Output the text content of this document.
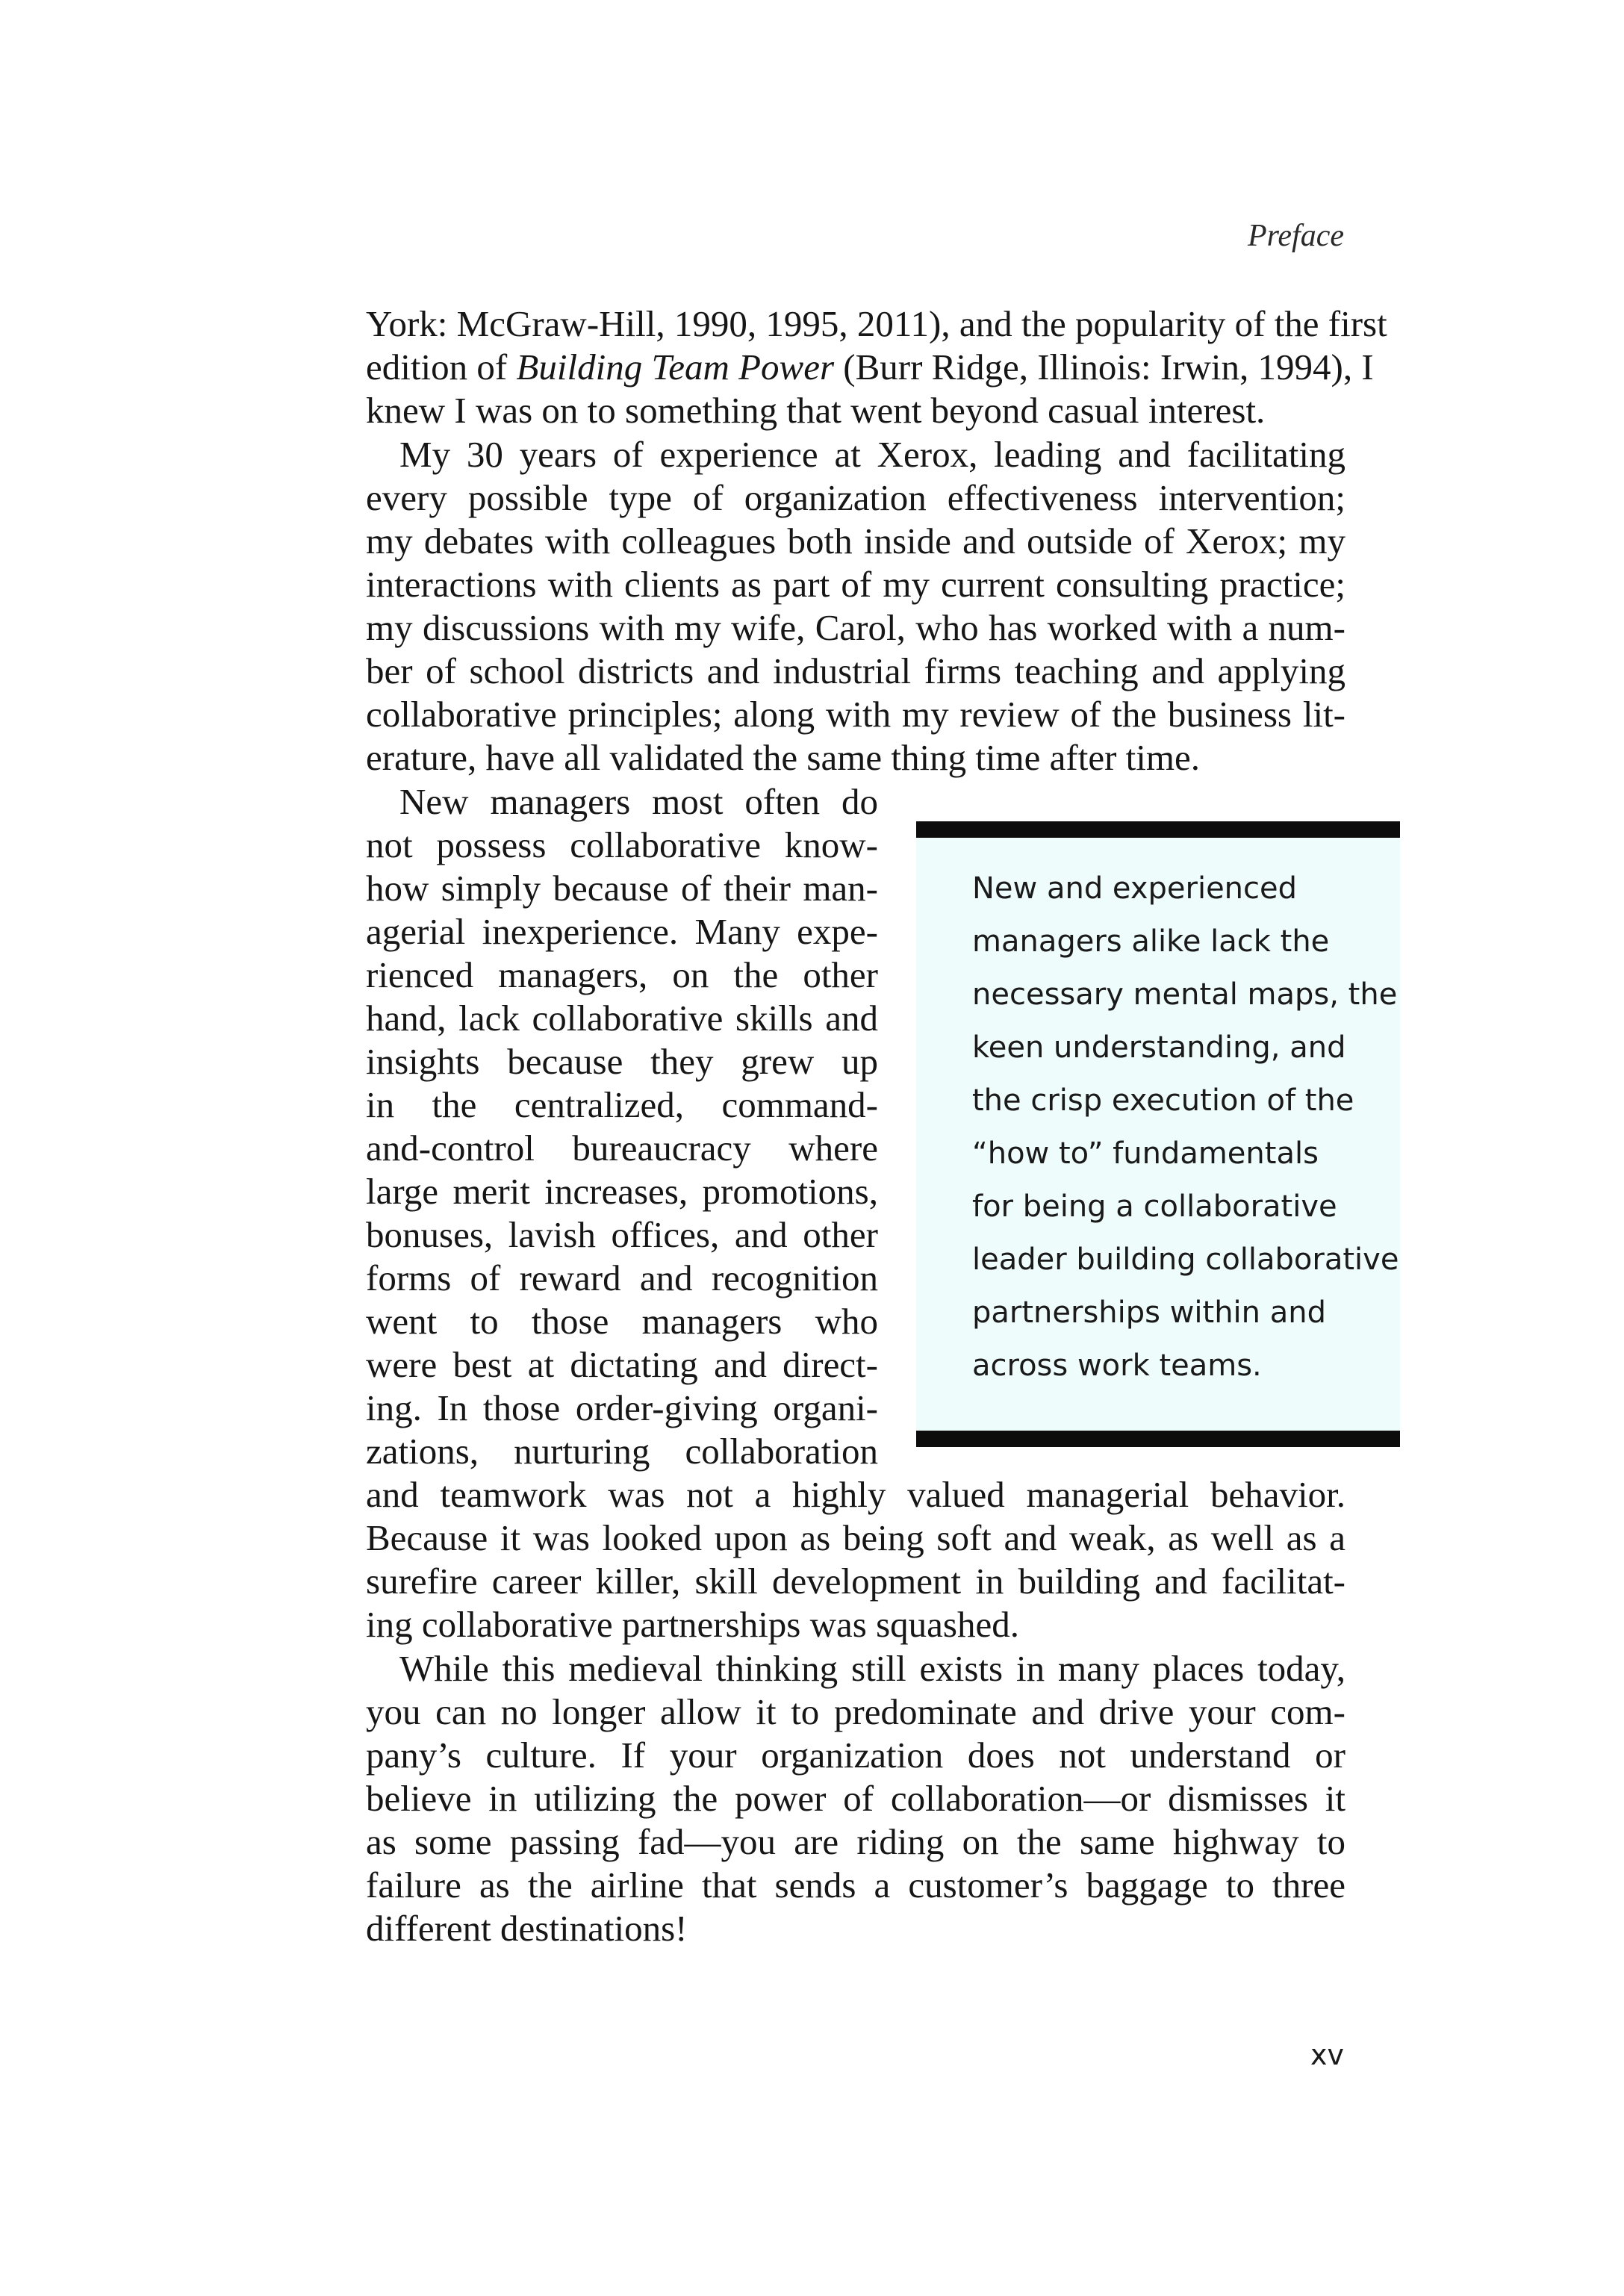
Preface
York: McGraw-Hill, 1990, 1995, 2011), and the popularity of the first
edition of Building Team Power (Burr Ridge, Illinois: Irwin, 1994), I
knew I was on to something that went beyond casual interest.
My 30 years of experience at Xerox, leading and facilitating
every possible type of organization effectiveness intervention;
my debates with colleagues both inside and outside of Xerox; my
interactions with clients as part of my current consulting practice;
my discussions with my wife, Carol, who has worked with a num-
ber of school districts and industrial firms teaching and applying
collaborative principles; along with my review of the business lit-
erature, have all validated the same thing time after time.
New managers most often do
not possess collaborative know-
how simply because of their man-
agerial inexperience. Many expe-
rienced managers, on the other
hand, lack collaborative skills and
insights because they grew up
in the centralized, command-
and-control bureaucracy where
large merit increases, promotions,
bonuses, lavish offices, and other
forms of reward and recognition
went to those managers who
were best at dictating and direct-
ing. In those order-giving organi-
zations, nurturing collaboration
and teamwork was not a highly valued managerial behavior.
Because it was looked upon as being soft and weak, as well as a
surefire career killer, skill development in building and facilitat-
ing collaborative partnerships was squashed.
While this medieval thinking still exists in many places today,
you can no longer allow it to predominate and drive your com-
pany’s culture. If your organization does not understand or
believe in utilizing the power of collaboration—or dismisses it
as some passing fad—you are riding on the same highway to
failure as the airline that sends a customer’s baggage to three
different destinations!
New and experienced
managers alike lack the
necessary mental maps, the
keen understanding, and
the crisp execution of the
“how to” fundamentals
for being a collaborative
leader building collaborative
partnerships within and
across work teams.
xv
